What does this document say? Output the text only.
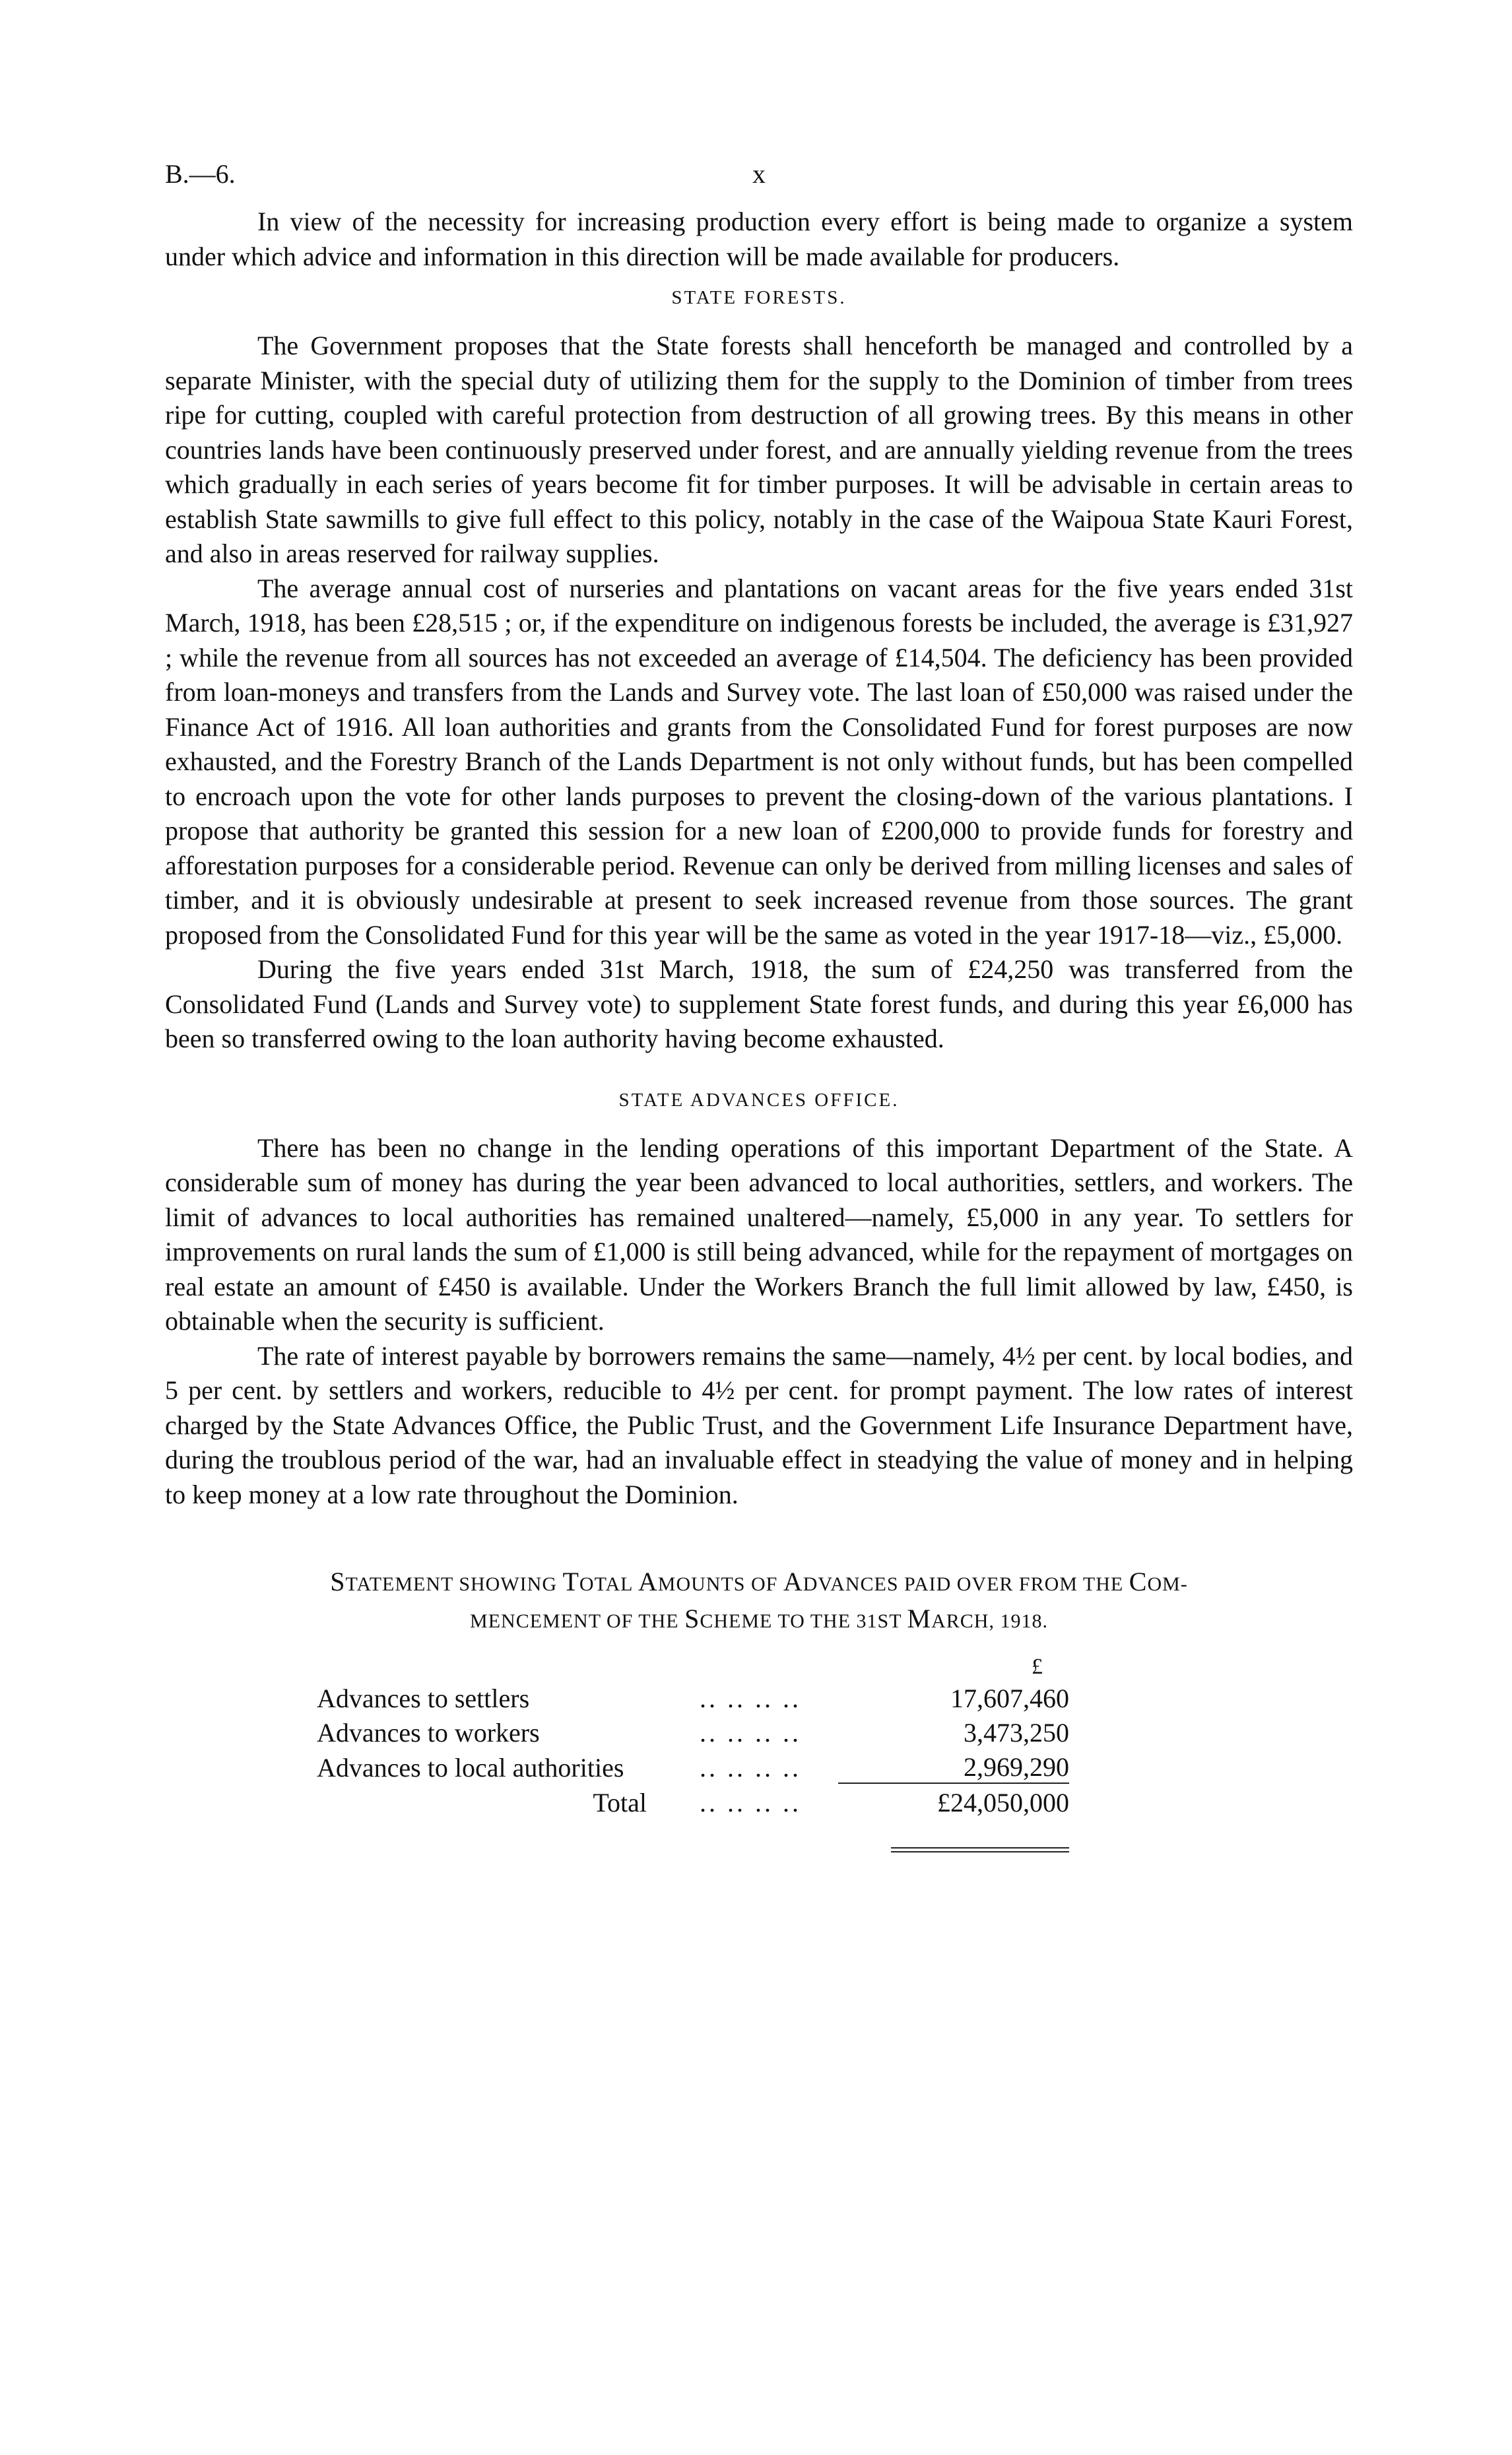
B.—6.	x

In view of the necessity for increasing production every effort is being made to organize a system under which advice and information in this direction will be made available for producers.

STATE FORESTS.

The Government proposes that the State forests shall henceforth be managed and controlled by a separate Minister, with the special duty of utilizing them for the supply to the Dominion of timber from trees ripe for cutting, coupled with careful protection from destruction of all growing trees. By this means in other countries lands have been continuously preserved under forest, and are annually yielding revenue from the trees which gradually in each series of years become fit for timber purposes. It will be advisable in certain areas to establish State sawmills to give full effect to this policy, notably in the case of the Waipoua State Kauri Forest, and also in areas reserved for railway supplies.

The average annual cost of nurseries and plantations on vacant areas for the five years ended 31st March, 1918, has been £28,515 ; or, if the expenditure on indigenous forests be included, the average is £31,927 ; while the revenue from all sources has not exceeded an average of £14,504. The deficiency has been provided from loan-moneys and transfers from the Lands and Survey vote. The last loan of £50,000 was raised under the Finance Act of 1916. All loan authorities and grants from the Consolidated Fund for forest purposes are now exhausted, and the Forestry Branch of the Lands Department is not only without funds, but has been compelled to encroach upon the vote for other lands purposes to prevent the closing-down of the various plantations. I propose that authority be granted this session for a new loan of £200,000 to provide funds for forestry and afforestation purposes for a considerable period. Revenue can only be derived from milling licenses and sales of timber, and it is obviously undesirable at present to seek increased revenue from those sources. The grant proposed from the Consolidated Fund for this year will be the same as voted in the year 1917-18—viz., £5,000.

During the five years ended 31st March, 1918, the sum of £24,250 was transferred from the Consolidated Fund (Lands and Survey vote) to supplement State forest funds, and during this year £6,000 has been so transferred owing to the loan authority having become exhausted.

STATE ADVANCES OFFICE.

There has been no change in the lending operations of this important Department of the State. A considerable sum of money has during the year been advanced to local authorities, settlers, and workers. The limit of advances to local authorities has remained unaltered—namely, £5,000 in any year. To settlers for improvements on rural lands the sum of £1,000 is still being advanced, while for the repayment of mortgages on real estate an amount of £450 is available. Under the Workers Branch the full limit allowed by law, £450, is obtainable when the security is sufficient.

The rate of interest payable by borrowers remains the same—namely, 4½ per cent. by local bodies, and 5 per cent. by settlers and workers, reducible to 4½ per cent. for prompt payment. The low rates of interest charged by the State Advances Office, the Public Trust, and the Government Life Insurance Department have, during the troublous period of the war, had an invaluable effect in steadying the value of money and in helping to keep money at a low rate throughout the Dominion.

STATEMENT SHOWING TOTAL AMOUNTS OF ADVANCES PAID OVER FROM THE COM-
MENCEMENT OF THE SCHEME TO THE 31ST MARCH, 1918.
		£
Advances to settlers	.. .. .. ..	17,607,460
Advances to workers	.. .. .. ..	3,473,250
Advances to local authorities	.. .. .. ..	2,969,290
Total	.. .. .. ..	£24,050,000
